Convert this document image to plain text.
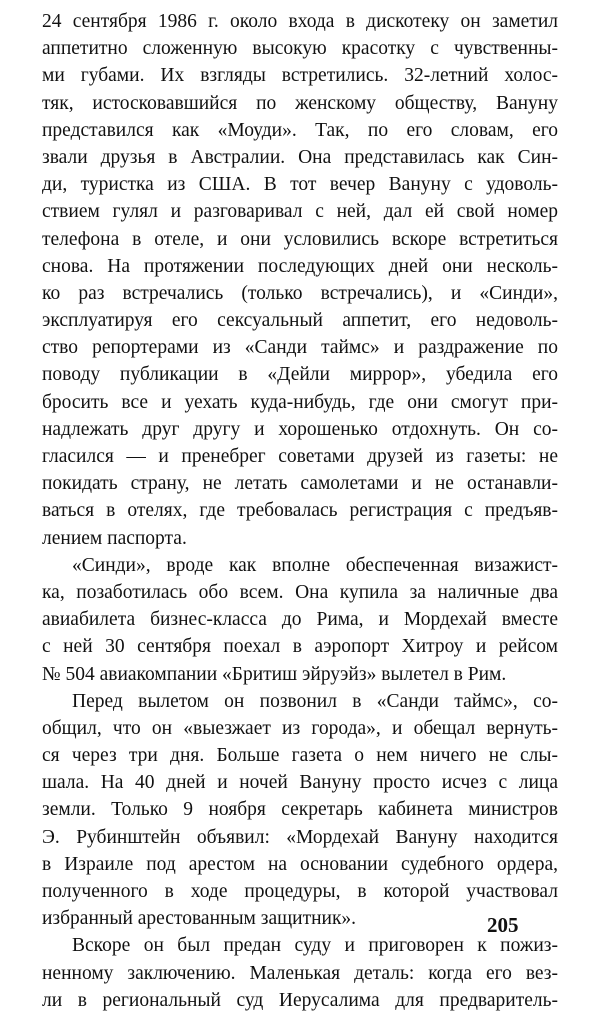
24 сентября 1986 г. около входа в дискотеку он заметил
аппетитно сложенную высокую красотку с чувственны-
ми губами. Их взгляды встретились. 32-летний холос-
тяк, истосковавшийся по женскому обществу, Вануну
представился как «Моуди». Так, по его словам, его
звали друзья в Австралии. Она представилась как Син-
ди, туристка из США. В тот вечер Вануну с удоволь-
ствием гулял и разговаривал с ней, дал ей свой номер
телефона в отеле, и они условились вскоре встретиться
снова. На протяжении последующих дней они несколь-
ко раз встречались (только встречались), и «Синди»,
эксплуатируя его сексуальный аппетит, его недоволь-
ство репортерами из «Санди таймс» и раздражение по
поводу публикации в «Дейли миррор», убедила его
бросить все и уехать куда-нибудь, где они смогут при-
надлежать друг другу и хорошенько отдохнуть. Он со-
гласился — и пренебрег советами друзей из газеты: не
покидать страну, не летать самолетами и не останавли-
ваться в отелях, где требовалась регистрация с предъяв-
лением паспорта.
«Синди», вроде как вполне обеспеченная визажист-
ка, позаботилась обо всем. Она купила за наличные два
авиабилета бизнес-класса до Рима, и Мордехай вместе
с ней 30 сентября поехал в аэропорт Хитроу и рейсом
№ 504 авиакомпании «Бритиш эйруэйз» вылетел в Рим.
Перед вылетом он позвонил в «Санди таймс», со-
общил, что он «выезжает из города», и обещал вернуть-
ся через три дня. Больше газета о нем ничего не слы-
шала. На 40 дней и ночей Вануну просто исчез с лица
земли. Только 9 ноября секретарь кабинета министров
Э. Рубинштейн объявил: «Мордехай Вануну находится
в Израиле под арестом на основании судебного ордера,
полученного в ходе процедуры, в которой участвовал
избранный арестованным защитник».
Вскоре он был предан суду и приговорен к пожиз-
ненному заключению. Маленькая деталь: когда его вез-
ли в региональный суд Иерусалима для предваритель-
205
